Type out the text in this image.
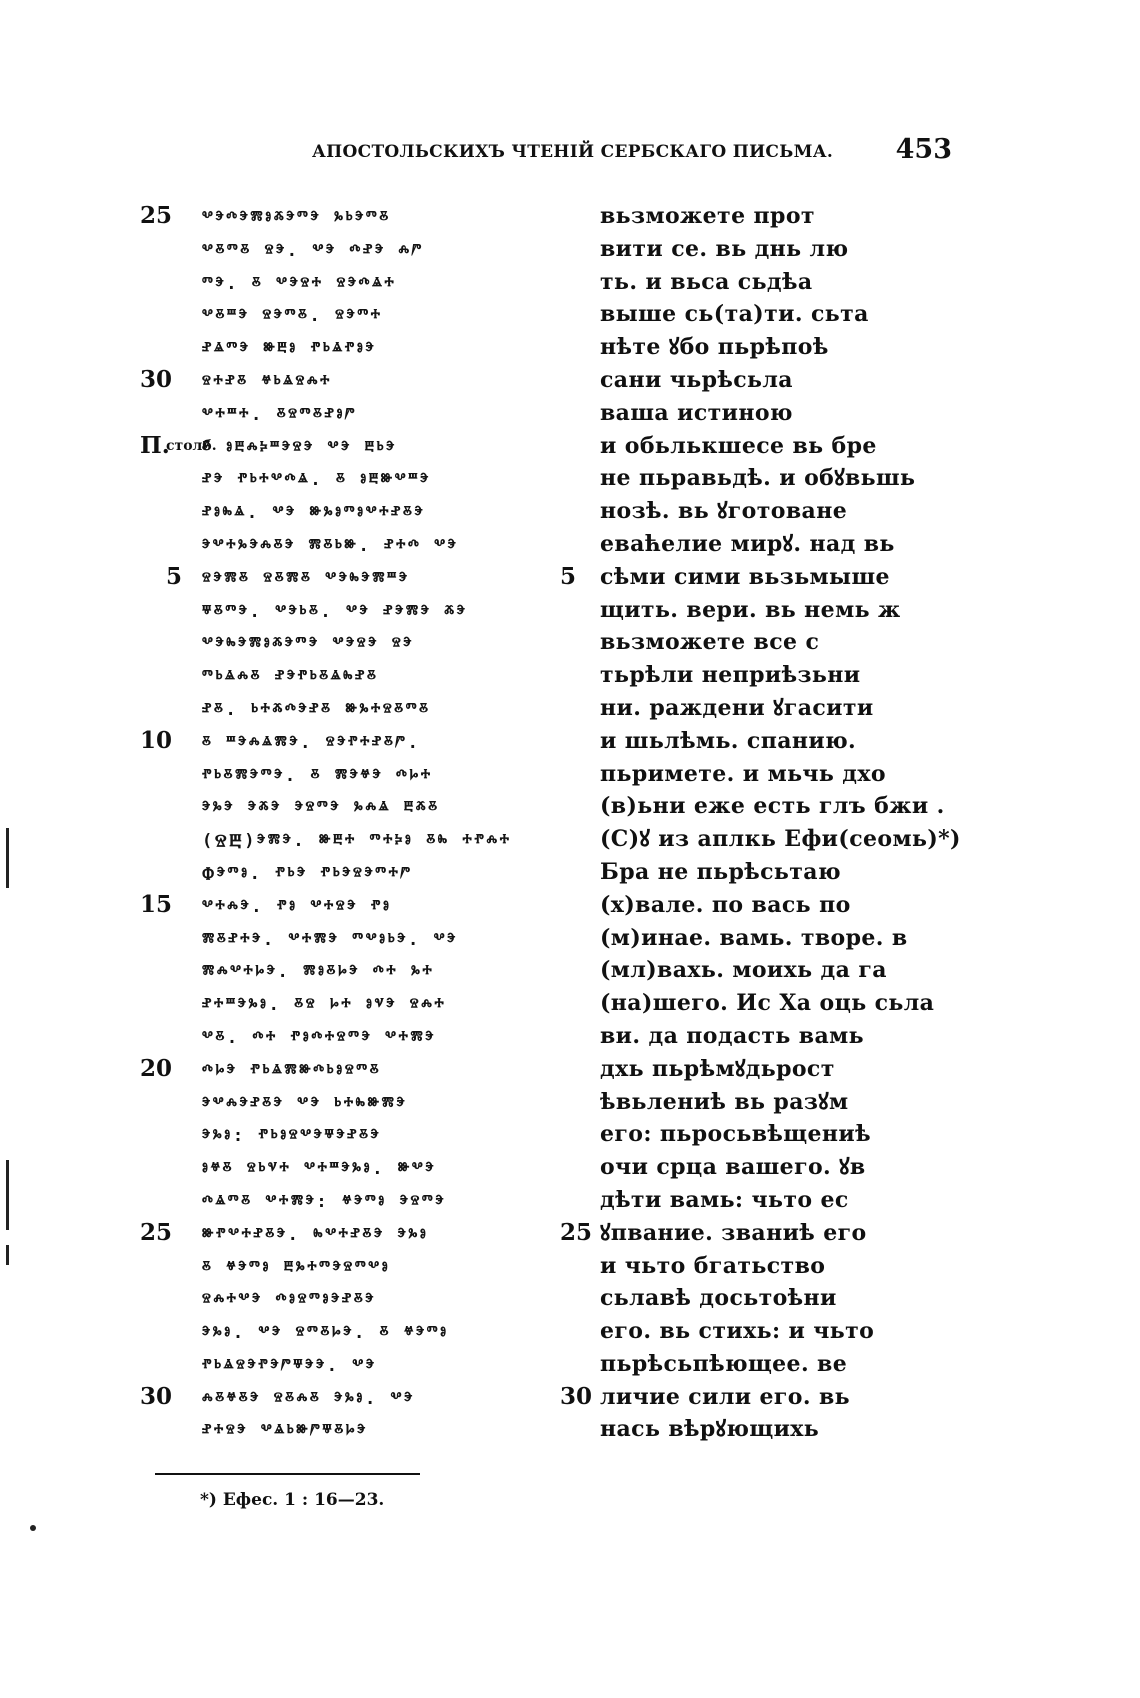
АПОСТОЛЬСКИХЪ ЧТЕНІЙ СЕРБСКАГО ПИСЬМА. 453
25	ⰲⰵⰴⰵⰿⱁⰶⰵⱅⰵ ⰳⱃⰵⱅⰻ
ⰲⰻⱅⰻ ⱄⰵ. ⰲⰵ ⰴⱀⰵ ⰾⱓ
ⱅⰵ. ⰻ ⰲⰵⱄⰰ ⱄⰵⰴⱑⰰ
ⰲⰻⱎⰵ ⱄⰵⱅⰻ. ⱄⰵⱅⰰ
ⱀⱑⱅⰵ ⱆⰱⱁ ⱂⱃⱑⱂⱁⰵ
30	ⱄⰰⱀⰻ ⱍⱃⱑⱄⰾⰰ
ⰲⰰⱎⰰ. ⰻⱄⱅⰻⱀⱁⱓ
П.
столб.
ⰻ ⱁⰱⰾⰽⱎⰵⱄⰵ ⰲⰵ ⰱⱃⰵ
ⱀⰵ ⱂⱃⰰⰲⰴⱑ. ⰻ ⱁⰱⱆⰲⱎⰵ
ⱀⱁⰸⱑ. ⰲⰵ ⱆⰳⱁⱅⱁⰲⰰⱀⰻⰵ
ⰵⰲⰰⰳⰵⰾⰻⰵ ⰿⰻⱃⱆ. ⱀⰰⰴ ⰲⰵ
5	ⱄⰵⰿⰻ ⱄⰻⰿⰻ ⰲⰵⰸⰵⰿⱎⰵ
ⱋⰻⱅⰵ. ⰲⰵⱃⰻ. ⰲⰵ ⱀⰵⰿⰵ ⰶⰵ
ⰲⰵⰸⰵⰿⱁⰶⰵⱅⰵ ⰲⰵⱄⰵ ⱄⰵ
ⱅⱃⱑⰾⰻ ⱀⰵⱂⱃⰻⱑⰸⱀⰻ
ⱀⰻ. ⱃⰰⰶⰴⰵⱀⰻ ⱆⰳⰰⱄⰻⱅⰻ
10	ⰻ ⱎⰵⰾⱑⰿⰵ. ⱄⰵⱂⰰⱀⰻⱓ.
ⱂⱃⰻⰿⰵⱅⰵ. ⰻ ⰿⰵⱍⰵ ⰴⱈⰰ
ⰵⰳⰵ ⰵⰶⰵ ⰵⱄⱅⰵ ⰳⰾⱑ ⰱⰶⰻ
(ⰔⰁ)ⰵⰿⰵ. ⱆⰱⰰ ⱅⰰⰽⱁ ⰻⰸ ⰰⱂⰾⰰ
Ⱇⰵⱅⱁ. ⱂⱃⰵ ⱂⱃⰵⱄⰵⱅⰰⱓ
15	ⰲⰰⰾⰵ. ⱂⱁ ⰲⰰⱄⰵ ⱂⱁ
ⰿⰻⱀⰰⰵ. ⰲⰰⰿⰵ ⱅⰲⱁⱃⰵ. ⰲⰵ
ⰿⰾⰲⰰⱈⰵ. ⰿⱁⰻⱈⰵ ⰴⰰ ⰳⰰ
ⱀⰰⱎⰵⰳⱁ. ⰻⱄ ⱈⰰ ⱁⱌⰵ ⱄⰾⰰ
ⰲⰻ. ⰴⰰ ⱂⱁⰴⰰⱄⱅⰵ ⰲⰰⰿⰵ
20	ⰴⱈⰵ ⱂⱃⱑⰿⱆⰴⱃⱁⱄⱅⰻ
ⰵⰲⰾⰵⱀⰻⰵ ⰲⰵ ⱃⰰⰸⱆⰿⰵ
ⰵⰳⱁ: ⱂⱃⱁⱄⰲⰵⱋⰵⱀⰻⰵ
ⱁⱍⰻ ⱄⱃⱌⰰ ⰲⰰⱎⰵⰳⱁ. ⱆⰲⰵ
ⰴⱑⱅⰻ ⰲⰰⰿⰵ: ⱍⰵⱅⱁ ⰵⱄⱅⰵ
25	ⱆⱂⰲⰰⱀⰻⰵ. ⰸⰲⰰⱀⰻⰵ ⰵⰳⱁ
ⰻ ⱍⰵⱅⱁ ⰱⰳⰰⱅⰵⱄⱅⰲⱁ
ⱄⰾⰰⰲⰵ ⰴⱁⱄⱅⱁⰵⱀⰻⰵ
ⰵⰳⱁ. ⰲⰵ ⱄⱅⰻⱈⰵ. ⰻ ⱍⰵⱅⱁ
ⱂⱃⱑⱄⰵⱂⰵⱓⱋⰵⰵ. ⰲⰵ
30	ⰾⰻⱍⰻⰵ ⱄⰻⰾⰻ ⰵⰳⱁ. ⰲⰵ
ⱀⰰⱄⰵ ⰲⱑⱃⱆⱓⱋⰻⱈⰵ
вьзможете прот
вити се. вь днь лю
ть. и вьса сьдѣа
выше сь(та)ти. сьта
нѣте ꙋбо пьрѣпоѣ
сани чьрѣсьла
ваша истиною
и обьлькшесе вь бре
не пьравьдѣ. и обꙋвьшь
нозѣ. вь ꙋготоване
еваћелие мирꙋ. над вь
5	сѣми сими вьзьмыше
щить. вери. вь немь ж
вьзможете все с
тьрѣли неприѣзьни
ни. раждени ꙋгасити
и шьлѣмь. спанию.
пьримете. и мьчь дхо
(в)ьни еже есть глъ бжи .
(С)ꙋ из аплкь Ефи(сеомь)*)
Бра не пьрѣсьтаю
(х)вале. по вась по
(м)инае. вамь. творе. в
(мл)вахь. моихь да га
(на)шего. Ис Ха оць сьла
ви. да подасть вамь
дхь пьрѣмꙋдьрост
ѣвьлениѣ вь разꙋм
его: пьросьвѣщениѣ
очи срца вашего. ꙋв
дѣти вамь: чьто ес
25 ꙋпвание. званиѣ его
и чьто бгатьство
сьлавѣ досьтоѣни
его. вь стихь: и чьто
пьрѣсьпѣющее. ве
30 личие сили его. вь
нась вѣрꙋющихь
*) Ефес. 1 : 16—23.
